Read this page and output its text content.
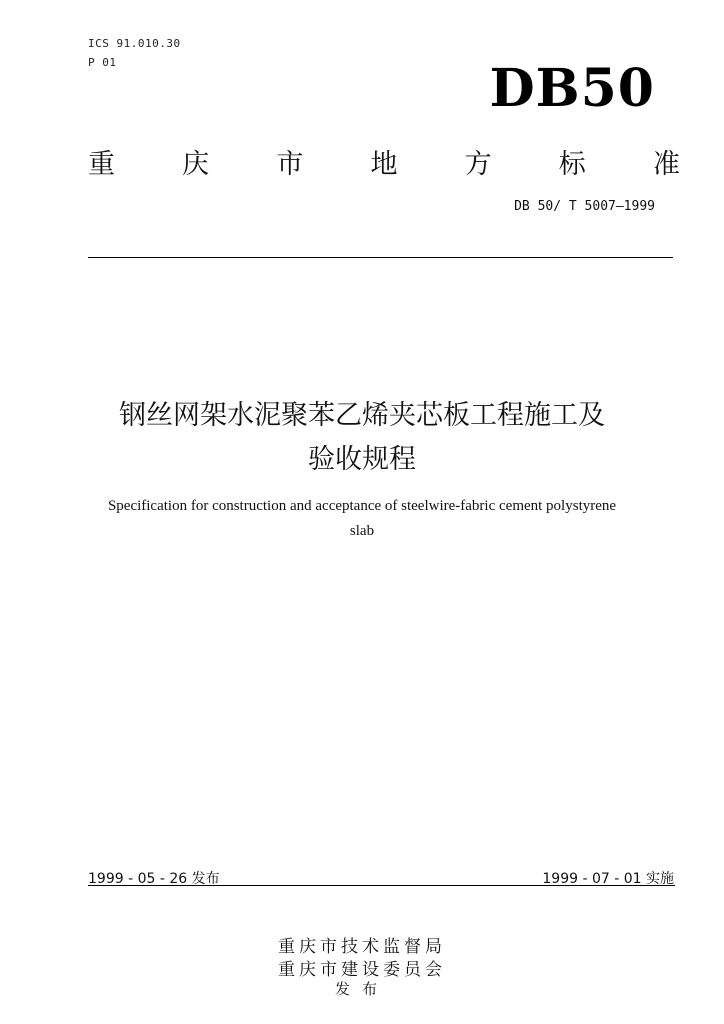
ICS 91.010.30
P 01	DB50
重 庆 市 地 方 标 准
DB 50/ T 5007—1999
钢丝网架水泥聚苯乙烯夹芯板工程施工及
验收规程
Specification for construction and acceptance of steelwire-fabric cement polystyrene
slab
1999 - 05 - 26 发布	1999 - 07 - 01 实施
重庆市技术监督局
重庆市建设委员会
发布
